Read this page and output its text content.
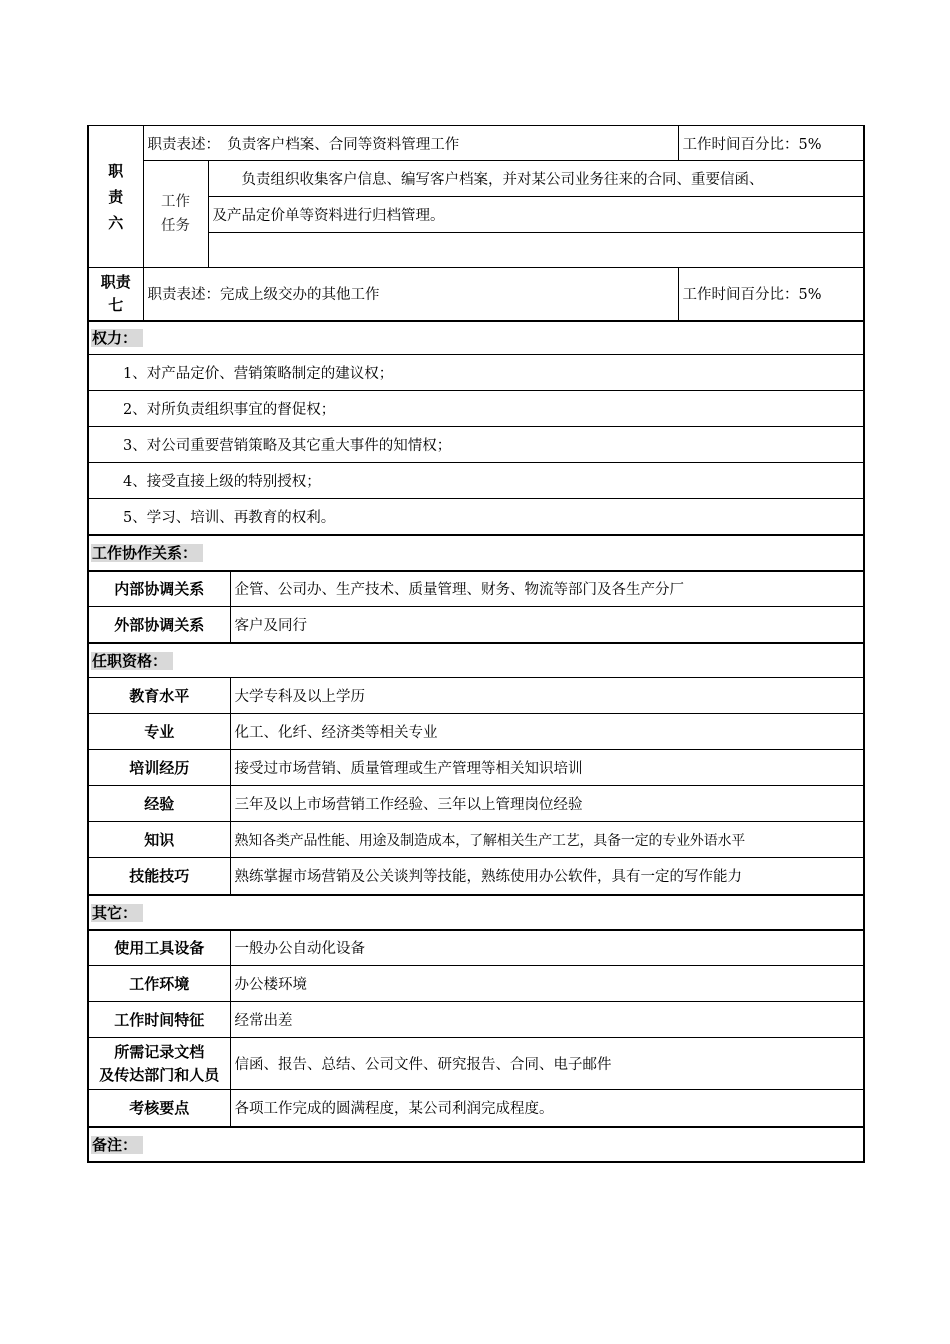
职
责
六	职责表述：　负责客户档案、合同等资料管理工作			工作时间百分比：5%
	工作
任务	　　负责组织收集客户信息、编写客户档案，并对某公司业务往来的合同、重要信函、		
		及产品定价单等资料进行归档管理。		

职责
七	职责表述：完成上级交办的其他工作			工作时间百分比：5%
权力：				
1、对产品定价、营销策略制定的建议权；				
2、对所负责组织事宜的督促权；				
3、对公司重要营销策略及其它重大事件的知情权；				
4、接受直接上级的特别授权；				
5、学习、培训、再教育的权利。				
工作协作关系：				
内部协调关系			企管、公司办、生产技术、质量管理、财务、物流等部门及各生产分厂	
外部协调关系			客户及同行	
任职资格：				
教育水平			大学专科及以上学历	
专业			化工、化纤、经济类等相关专业	
培训经历			接受过市场营销、质量管理或生产管理等相关知识培训	
经验			三年及以上市场营销工作经验、三年以上管理岗位经验	
知识			熟知各类产品性能、用途及制造成本，了解相关生产工艺，具备一定的专业外语水平	
技能技巧			熟练掌握市场营销及公关谈判等技能，熟练使用办公软件，具有一定的写作能力	
其它：				
使用工具设备			一般办公自动化设备	
工作环境			办公楼环境	
工作时间特征			经常出差	
所需记录文档
及传达部门和人员			信函、报告、总结、公司文件、研究报告、合同、电子邮件	
考核要点			各项工作完成的圆满程度，某公司利润完成程度。	
备注：				
